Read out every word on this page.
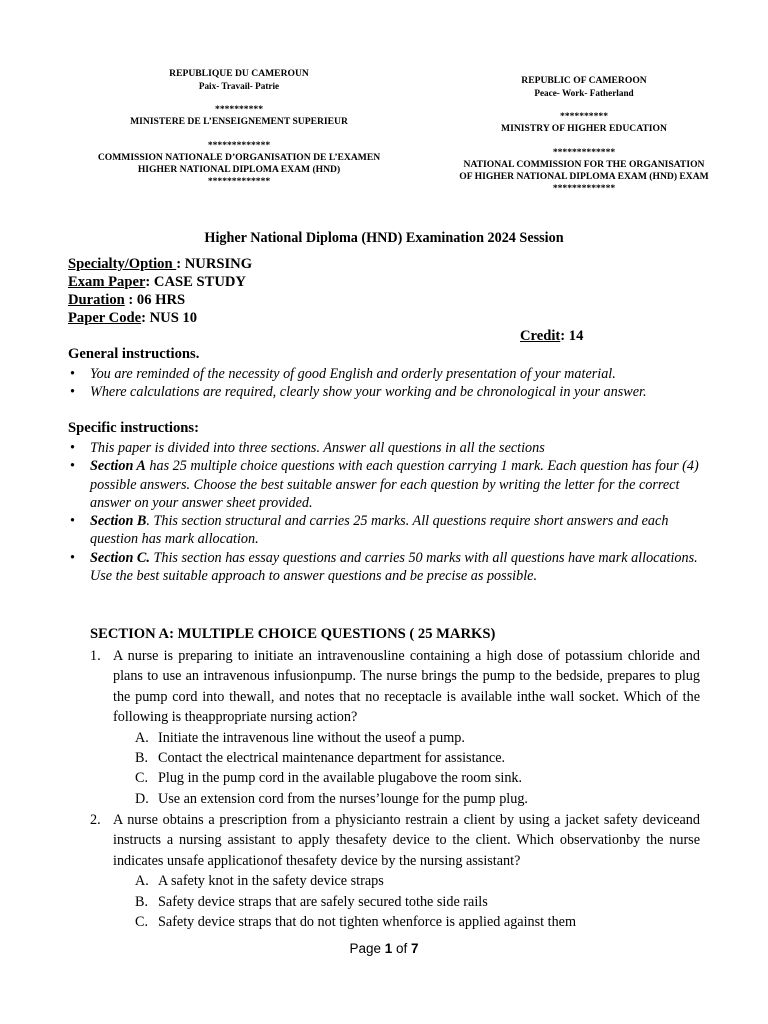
REPUBLIQUE DU CAMEROUN
Paix- Travail- Patrie
**********
MINISTERE DE L’ENSEIGNEMENT SUPERIEUR
*************
COMMISSION NATIONALE D’ORGANISATION DE L’EXAMEN
HIGHER NATIONAL DIPLOMA EXAM (HND)
*************
REPUBLIC OF CAMEROON
Peace- Work- Fatherland
**********
MINISTRY OF HIGHER EDUCATION
*************
NATIONAL COMMISSION FOR THE ORGANISATION
OF HIGHER NATIONAL DIPLOMA EXAM (HND) EXAM
*************
Higher National Diploma (HND) Examination 2024 Session
Specialty/Option : NURSING
Exam Paper: CASE STUDY
Duration : 06 HRS
Paper Code: NUS 10
Credit: 14
General instructions.
• You are reminded of the necessity of good English and orderly presentation of your material.
• Where calculations are required, clearly show your working and be chronological in your answer.
Specific instructions:
• This paper is divided into three sections. Answer all questions in all the sections
• Section A has 25 multiple choice questions with each question carrying 1 mark. Each question has four (4) possible answers. Choose the best suitable answer for each question by writing the letter for the correct answer on your answer sheet provided.
• Section B. This section structural and carries 25 marks. All questions require short answers and each question has mark allocation.
• Section C. This section has essay questions and carries 50 marks with all questions have mark allocations. Use the best suitable approach to answer questions and be precise as possible.
SECTION A: MULTIPLE CHOICE QUESTIONS ( 25 MARKS)
1. A nurse is preparing to initiate an intravenousline containing a high dose of potassium chloride and plans to use an intravenous infusionpump. The nurse brings the pump to the bedside, prepares to plug the pump cord into thewall, and notes that no receptacle is available inthe wall socket. Which of the following is theappropriate nursing action?
A. Initiate the intravenous line without the useof a pump.
B. Contact the electrical maintenance department for assistance.
C. Plug in the pump cord in the available plugabove the room sink.
D. Use an extension cord from the nurses’lounge for the pump plug.
2. A nurse obtains a prescription from a physicianto restrain a client by using a jacket safety deviceand instructs a nursing assistant to apply thesafety device to the client. Which observationby the nurse indicates unsafe applicationof thesafety device by the nursing assistant?
A. A safety knot in the safety device straps
B. Safety device straps that are safely secured tothe side rails
C. Safety device straps that do not tighten whenforce is applied against them
Page 1 of 7
